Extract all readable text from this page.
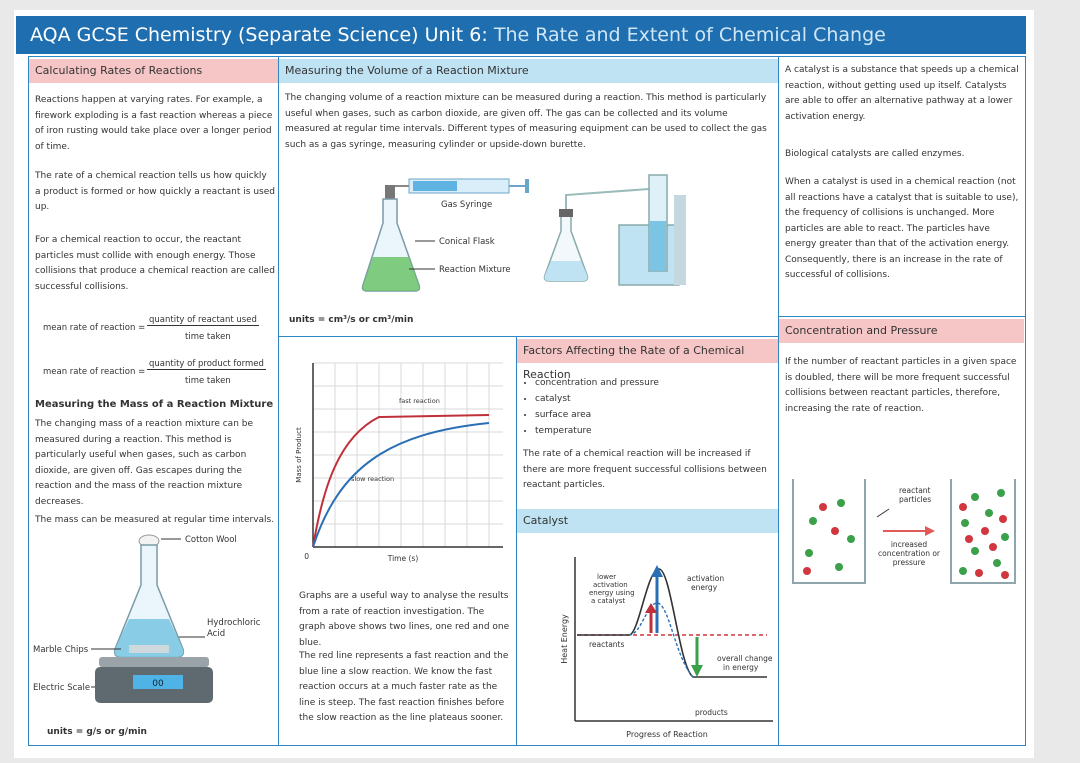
AQA GCSE Chemistry (Separate Science) Unit 6: The Rate and Extent of Chemical Change
Calculating Rates of Reactions
Reactions happen at varying rates. For example, a firework exploding is a fast reaction whereas a piece of iron rusting would take place over a longer period of time.
The rate of a chemical reaction tells us how quickly a product is formed or how quickly a reactant is used up.
For a chemical reaction to occur, the reactant particles must collide with enough energy. Those collisions that produce a chemical reaction are called successful collisions.
mean rate of reaction =
quantity of reactant used
time taken
mean rate of reaction =
quantity of product formed
time taken
Measuring the Mass of a Reaction Mixture
The changing mass of a reaction mixture can be measured during a reaction. This method is particularly useful when gases, such as carbon dioxide, are given off. Gas escapes during the reaction and the mass of the reaction mixture decreases.
The mass can be measured at regular time intervals.
00
Cotton Wool
Hydrochloric Acid
Marble Chips
Electric Scale
units = g/s or g/min
Measuring the Volume of a Reaction Mixture
The changing volume of a reaction mixture can be measured during a reaction. This method is particularly useful when gases, such as carbon dioxide, are given off. The gas can be collected and its volume measured at regular time intervals. Different types of measuring equipment can be used to collect the gas such as a gas syringe, measuring cylinder or upside-down burette.
Conical Flask
Reaction Mixture
Gas Syringe
units = cm³/s or cm³/min
Mass of Product
Time (s)
0
fast reaction
slow reaction
Graphs are a useful way to analyse the results from a rate of reaction investigation. The graph above shows two lines, one red and one blue.
The red line represents a fast reaction and the blue line a slow reaction. We know the fast reaction occurs at a much faster rate as the line is steep. The fast reaction finishes before the slow reaction as the line plateaus sooner.
Factors Affecting the Rate of a Chemical Reaction
• concentration and pressure
• catalyst
• surface area
• temperature
The rate of a chemical reaction will be increased if there are more frequent successful collisions between reactant particles.
Catalyst
Heat Energy
Progress of Reaction
lower activation energy using a catalyst
activation energy
reactants
overall change in energy
products
A catalyst is a substance that speeds up a chemical reaction, without getting used up itself. Catalysts are able to offer an alternative pathway at a lower activation energy.
Biological catalysts are called enzymes.
When a catalyst is used in a chemical reaction (not all reactions have a catalyst that is suitable to use), the frequency of collisions is unchanged. More particles are able to react. The particles have energy greater than that of the activation energy. Consequently, there is an increase in the rate of successful of collisions.
Concentration and Pressure
If the number of reactant particles in a given space is doubled, there will be more frequent successful collisions between reactant particles, therefore, increasing the rate of reaction.
reactant particles
increased concentration or pressure
